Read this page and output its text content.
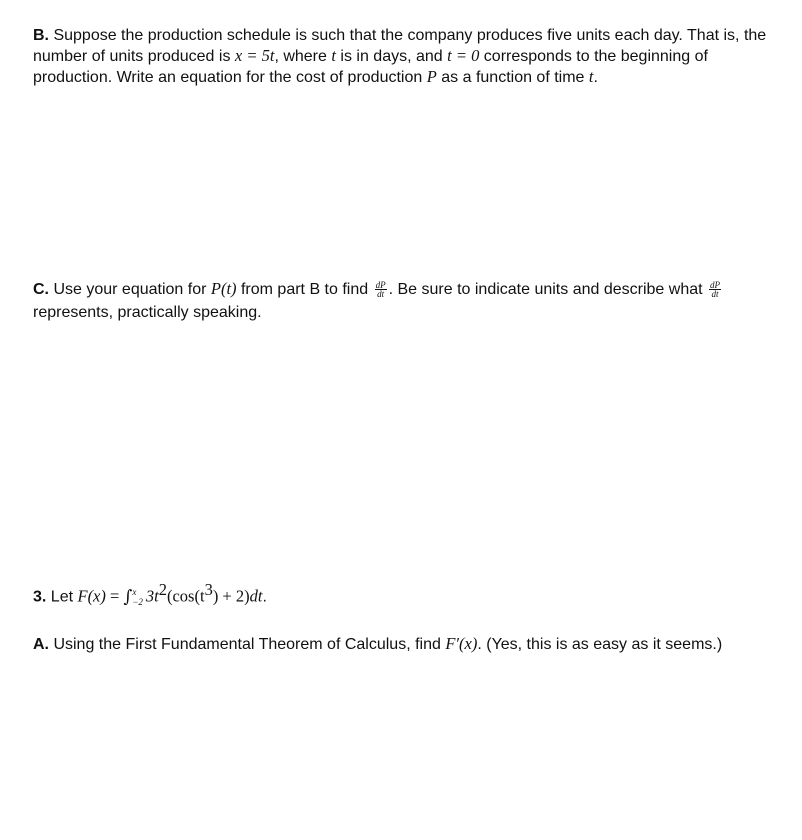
B. Suppose the production schedule is such that the company produces five units each day. That is, the number of units produced is x = 5t, where t is in days, and t = 0 corresponds to the beginning of production. Write an equation for the cost of production P as a function of time t.
C. Use your equation for P(t) from part B to find $\frac{dP}{dt}$ . Be sure to indicate units and describe what $\frac{dP}{dt}$
represents, practically speaking.
3. Let F(x) = ∫ x
−2 $3t^2(\cos(t^3) + 2)dt$.
A. Using the First Fundamental Theorem of Calculus, find F′(x). (Yes, this is as easy as it seems.)
